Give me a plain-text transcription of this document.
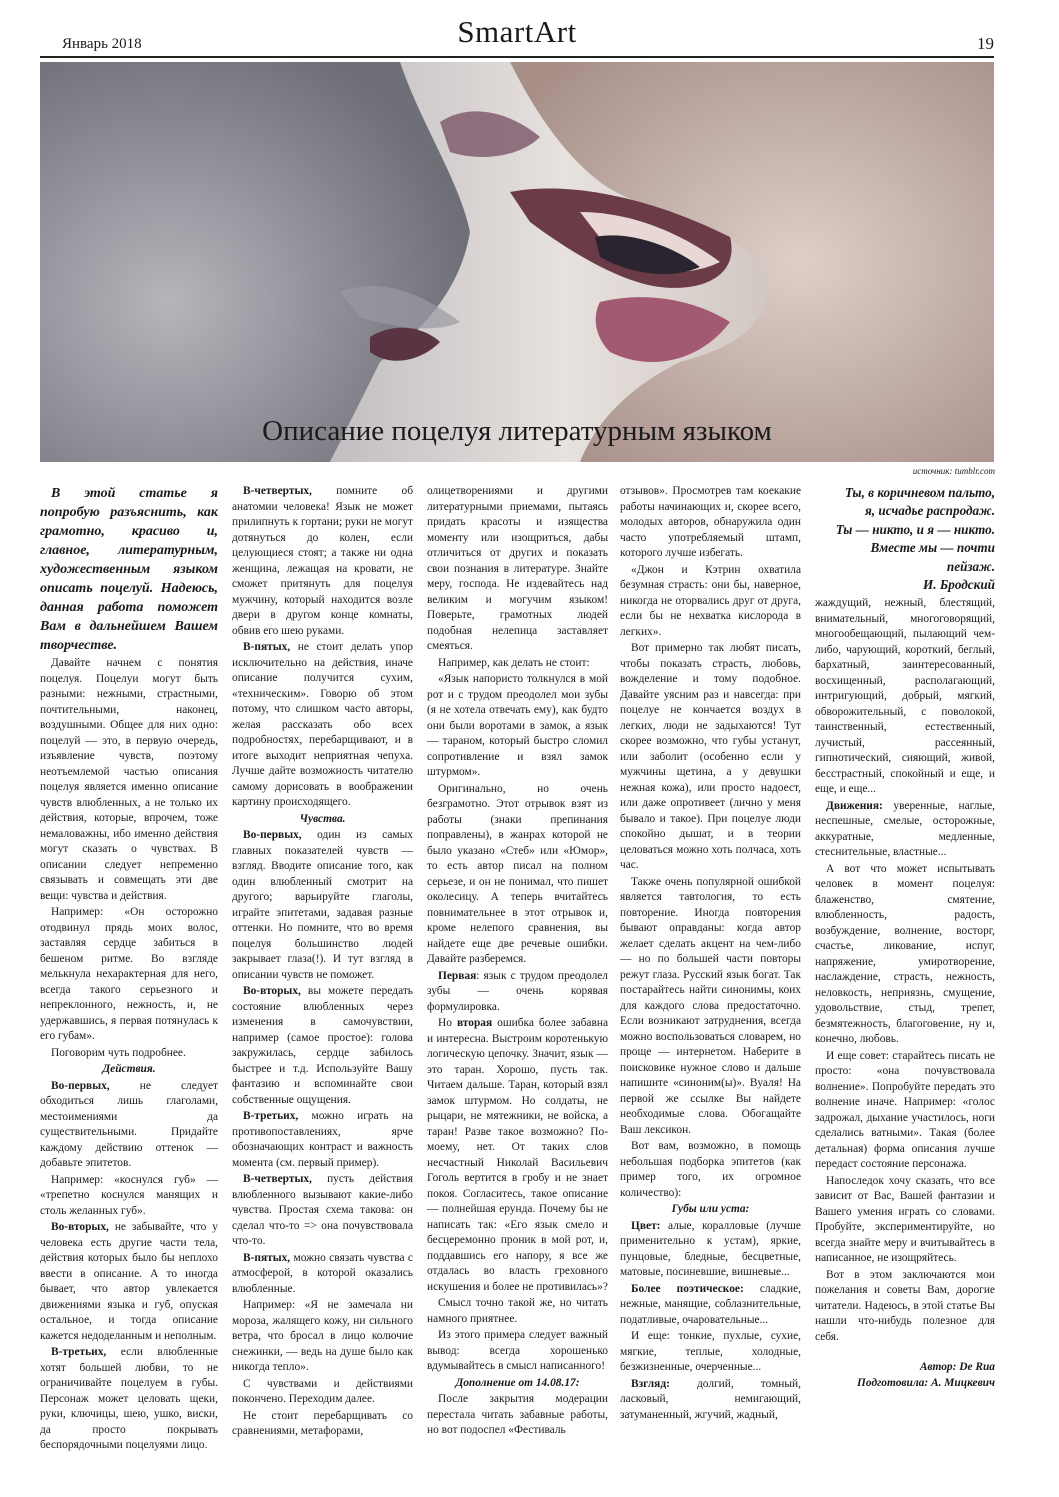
Январь 2018	SmartArt	19
Описание поцелуя литературным языком
источник: tumblr.com

В этой статье я попробую разъяснить, как грамотно, красиво и, главное, литературным, художественным языком описать поцелуй. Надеюсь, данная работа поможет Вам в дальнейшем Вашем творчестве.

Давайте начнем с понятия поцелуя. Поцелуи могут быть разными: нежными, страстными, почтительными, наконец, воздушными. Общее для них одно: поцелуй — это, в первую очередь, изъявление чувств, поэтому неотъемлемой частью описания поцелуя является именно описание чувств влюбленных, а не только их действия, которые, впрочем, тоже немаловажны, ибо именно действия могут сказать о чувствах. В описании следует непременно связывать и совмещать эти две вещи: чувства и действия.

Например: «Он осторожно отодвинул прядь моих волос, заставляя сердце забиться в бешеном ритме. Во взгляде мелькнула нехарактерная для него, всегда такого серьезного и непреклонного, нежность, и, не удержавшись, я первая потянулась к его губам».

Поговорим чуть подробнее.

Действия.

Во-первых, не следует обходиться лишь глаголами, местоимениями да существительными. Придайте каждому действию оттенок — добавьте эпитетов.

Например: «коснулся губ» — «трепетно коснулся манящих и столь желанных губ».

Во-вторых, не забывайте, что у человека есть другие части тела, действия которых было бы неплохо ввести в описание. А то иногда бывает, что автор увлекается движениями языка и губ, опуская остальное, и тогда описание кажется недоделанным и неполным.

В-третьих, если влюбленные хотят большей любви, то не ограничивайте поцелуем в губы. Персонаж может целовать щеки, руки, ключицы, шею, ушко, виски, да просто покрывать беспорядочными поцелуями лицо.

В-четвертых, помните об анатомии человека! Язык не может прилипнуть к гортани; руки не могут дотянуться до колен, если целующиеся стоят; а также ни одна женщина, лежащая на кровати, не сможет притянуть для поцелуя мужчину, который находится возле двери в другом конце комнаты, обвив его шею руками.

В-пятых, не стоит делать упор исключительно на действия, иначе описание получится сухим, «техническим». Говорю об этом потому, что слишком часто авторы, желая рассказать обо всех подробностях, перебарщивают, и в итоге выходит неприятная чепуха. Лучше дайте возможность читателю самому дорисовать в воображении картину происходящего.

Чувства.

Во-первых, один из самых главных показателей чувств — взгляд. Вводите описание того, как один влюбленный смотрит на другого; варьируйте глаголы, играйте эпитетами, задавая разные оттенки. Но помните, что во время поцелуя большинство людей закрывает глаза(!). И тут взгляд в описании чувств не поможет.

Во-вторых, вы можете передать состояние влюбленных через изменения в самочувствии, например (самое простое): голова закружилась, сердце забилось быстрее и т.д. Используйте Вашу фантазию и вспоминайте свои собственные ощущения.

В-третьих, можно играть на противопоставлениях, ярче обозначающих контраст и важность момента (см. первый пример).

В-четвертых, пусть действия влюбленного вызывают какие-либо чувства. Простая схема такова: он сделал что-то => она почувствовала что-то.

В-пятых, можно связать чувства с атмосферой, в которой оказались влюбленные.

Например: «Я не замечала ни мороза, жалящего кожу, ни сильного ветра, что бросал в лицо колючие снежинки, — ведь на душе было как никогда тепло».

С чувствами и действиями покончено. Переходим далее.

Не стоит перебарщивать со сравнениями, метафорами,

олицетворениями и другими литературными приемами, пытаясь придать красоты и изящества моменту или изощриться, дабы отличиться от других и показать свои познания в литературе. Знайте меру, господа. Не издевайтесь над великим и могучим языком! Поверьте, грамотных людей подобная нелепица заставляет смеяться.

Например, как делать не стоит:

«Язык напористо толкнулся в мой рот и с трудом преодолел мои зубы (я не хотела отвечать ему), как будто они были воротами в замок, а язык — тараном, который быстро сломил сопротивление и взял замок штурмом».

Оригинально, но очень безграмотно. Этот отрывок взят из работы (знаки препинания поправлены), в жанрах которой не было указано «Стеб» или «Юмор», то есть автор писал на полном серьезе, и он не понимал, что пишет околесицу. А теперь вчитайтесь повнимательнее в этот отрывок и, кроме нелепого сравнения, вы найдете еще две речевые ошибки. Давайте разберемся.

Первая: язык с трудом преодолел зубы — очень корявая формулировка.

Но вторая ошибка более забавна и интересна. Выстроим коротенькую логическую цепочку. Значит, язык — это таран. Хорошо, пусть так. Читаем дальше. Таран, который взял замок штурмом. Но солдаты, не рыцари, не мятежники, не войска, а таран! Разве такое возможно? По-моему, нет. От таких слов несчастный Николай Васильевич Гоголь вертится в гробу и не знает покоя. Согласитесь, такое описание — полнейшая ерунда. Почему бы не написать так: «Его язык смело и бесцеремонно проник в мой рот, и, поддавшись его напору, я все же отдалась во власть греховного искушения и более не противилась»?

Смысл точно такой же, но читать намного приятнее.

Из этого примера следует важный вывод: всегда хорошенько вдумывайтесь в смысл написанного!

Дополнение от 14.08.17:

После закрытия модерации перестала читать забавные работы, но вот подоспел «Фестиваль

отзывов». Просмотрев там коекакие работы начинающих и, скорее всего, молодых авторов, обнаружила один часто употребляемый штамп, которого лучше избегать.

«Джон и Кэтрин охватила безумная страсть: они бы, наверное, никогда не оторвались друг от друга, если бы не нехватка кислорода в легких».

Вот примерно так любят писать, чтобы показать страсть, любовь, вожделение и тому подобное. Давайте уясним раз и навсегда: при поцелуе не кончается воздух в легких, люди не задыхаются! Тут скорее возможно, что губы устанут, или заболит (особенно если у мужчины щетина, а у девушки нежная кожа), или просто надоест, или даже опротивеет (лично у меня бывало и такое). При поцелуе люди спокойно дышат, и в теории целоваться можно хоть полчаса, хоть час.

Также очень популярной ошибкой является тавтология, то есть повторение. Иногда повторения бывают оправданы: когда автор желает сделать акцент на чем-либо — но по большей части повторы режут глаза. Русский язык богат. Так постарайтесь найти синонимы, коих для каждого слова предостаточно. Если возникают затруднения, всегда можно воспользоваться словарем, но проще — интернетом. Наберите в поисковике нужное слово и дальше напишите «синоним(ы)». Вуаля! На первой же ссылке Вы найдете необходимые слова. Обогащайте Ваш лексикон.

Вот вам, возможно, в помощь небольшая подборка эпитетов (как пример того, их огромное количество):

Губы или уста:

Цвет: алые, коралловые (лучше применительно к устам), яркие, пунцовые, бледные, бесцветные, матовые, посиневшие, вишневые...

Более поэтическое: сладкие, нежные, манящие, соблазнительные, податливые, очаровательные...

И еще: тонкие, пухлые, сухие, мягкие, теплые, холодные, безжизненные, очерченные...

Взгляд: долгий, томный, ласковый, немигающий, затуманенный, жгучий, жадный,

Ты, в коричневом пальто,
я, исчадье распродаж.
Ты — никто, и я — никто.
Вместе мы — почти
пейзаж.
И. Бродский

жаждущий, нежный, блестящий, внимательный, многоговорящий, многообещающий, пылающий чем-либо, чарующий, короткий, беглый, бархатный, заинтересованный, восхищенный, располагающий, интригующий, добрый, мягкий, обворожительный, с поволокой, таинственный, естественный, лучистый, рассеянный, гипнотический, сияющий, живой, бесстрастный, спокойный и еще, и еще, и еще...

Движения: уверенные, наглые, неспешные, смелые, осторожные, аккуратные, медленные, стеснительные, властные...

А вот что может испытывать человек в момент поцелуя: блаженство, смятение, влюбленность, радость, возбуждение, волнение, восторг, счастье, ликование, испуг, напряжение, умиротворение, наслаждение, страсть, нежность, неловкость, неприязнь, смущение, удовольствие, стыд, трепет, безмятежность, благоговение, ну и, конечно, любовь.

И еще совет: старайтесь писать не просто: «она почувствовала волнение». Попробуйте передать это волнение иначе. Например: «голос задрожал, дыхание участилось, ноги сделались ватными». Такая (более детальная) форма описания лучше передаст состояние персонажа.

Напоследок хочу сказать, что все зависит от Вас, Вашей фантазии и Вашего умения играть со словами. Пробуйте, экспериментируйте, но всегда знайте меру и вчитывайтесь в написанное, не изощряйтесь.

Вот в этом заключаются мои пожелания и советы Вам, дорогие читатели. Надеюсь, в этой статье Вы нашли что-нибудь полезное для себя.

Автор: De Rua
Подготовила: А. Мицкевич
